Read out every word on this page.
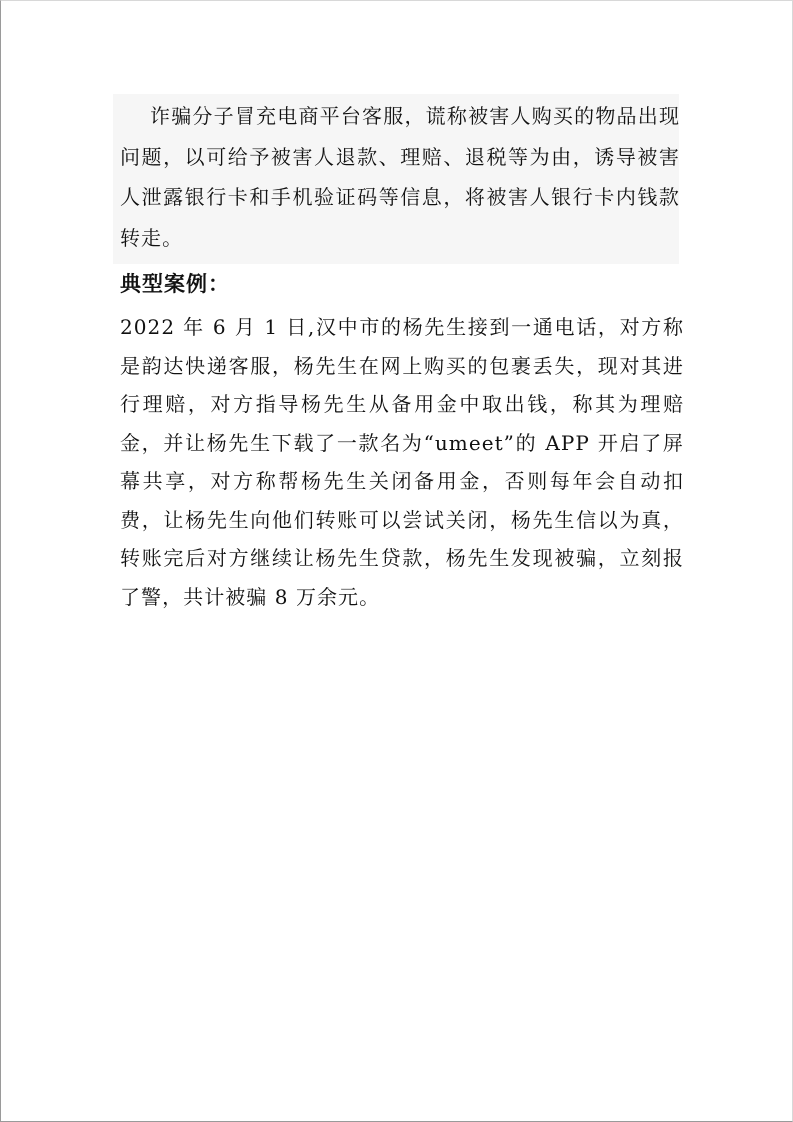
诈骗分子冒充电商平台客服，谎称被害人购买的物品出现问题，以可给予被害人退款、理赔、退税等为由，诱导被害人泄露银行卡和手机验证码等信息，将被害人银行卡内钱款转走。

典型案例：

2022 年 6 月 1 日,汉中市的杨先生接到一通电话，对方称是韵达快递客服，杨先生在网上购买的包裹丢失，现对其进行理赔，对方指导杨先生从备用金中取出钱，称其为理赔金，并让杨先生下载了一款名为“umeet”的 APP 开启了屏幕共享，对方称帮杨先生关闭备用金，否则每年会自动扣费，让杨先生向他们转账可以尝试关闭，杨先生信以为真，转账完后对方继续让杨先生贷款，杨先生发现被骗，立刻报了警，共计被骗 8 万余元。
